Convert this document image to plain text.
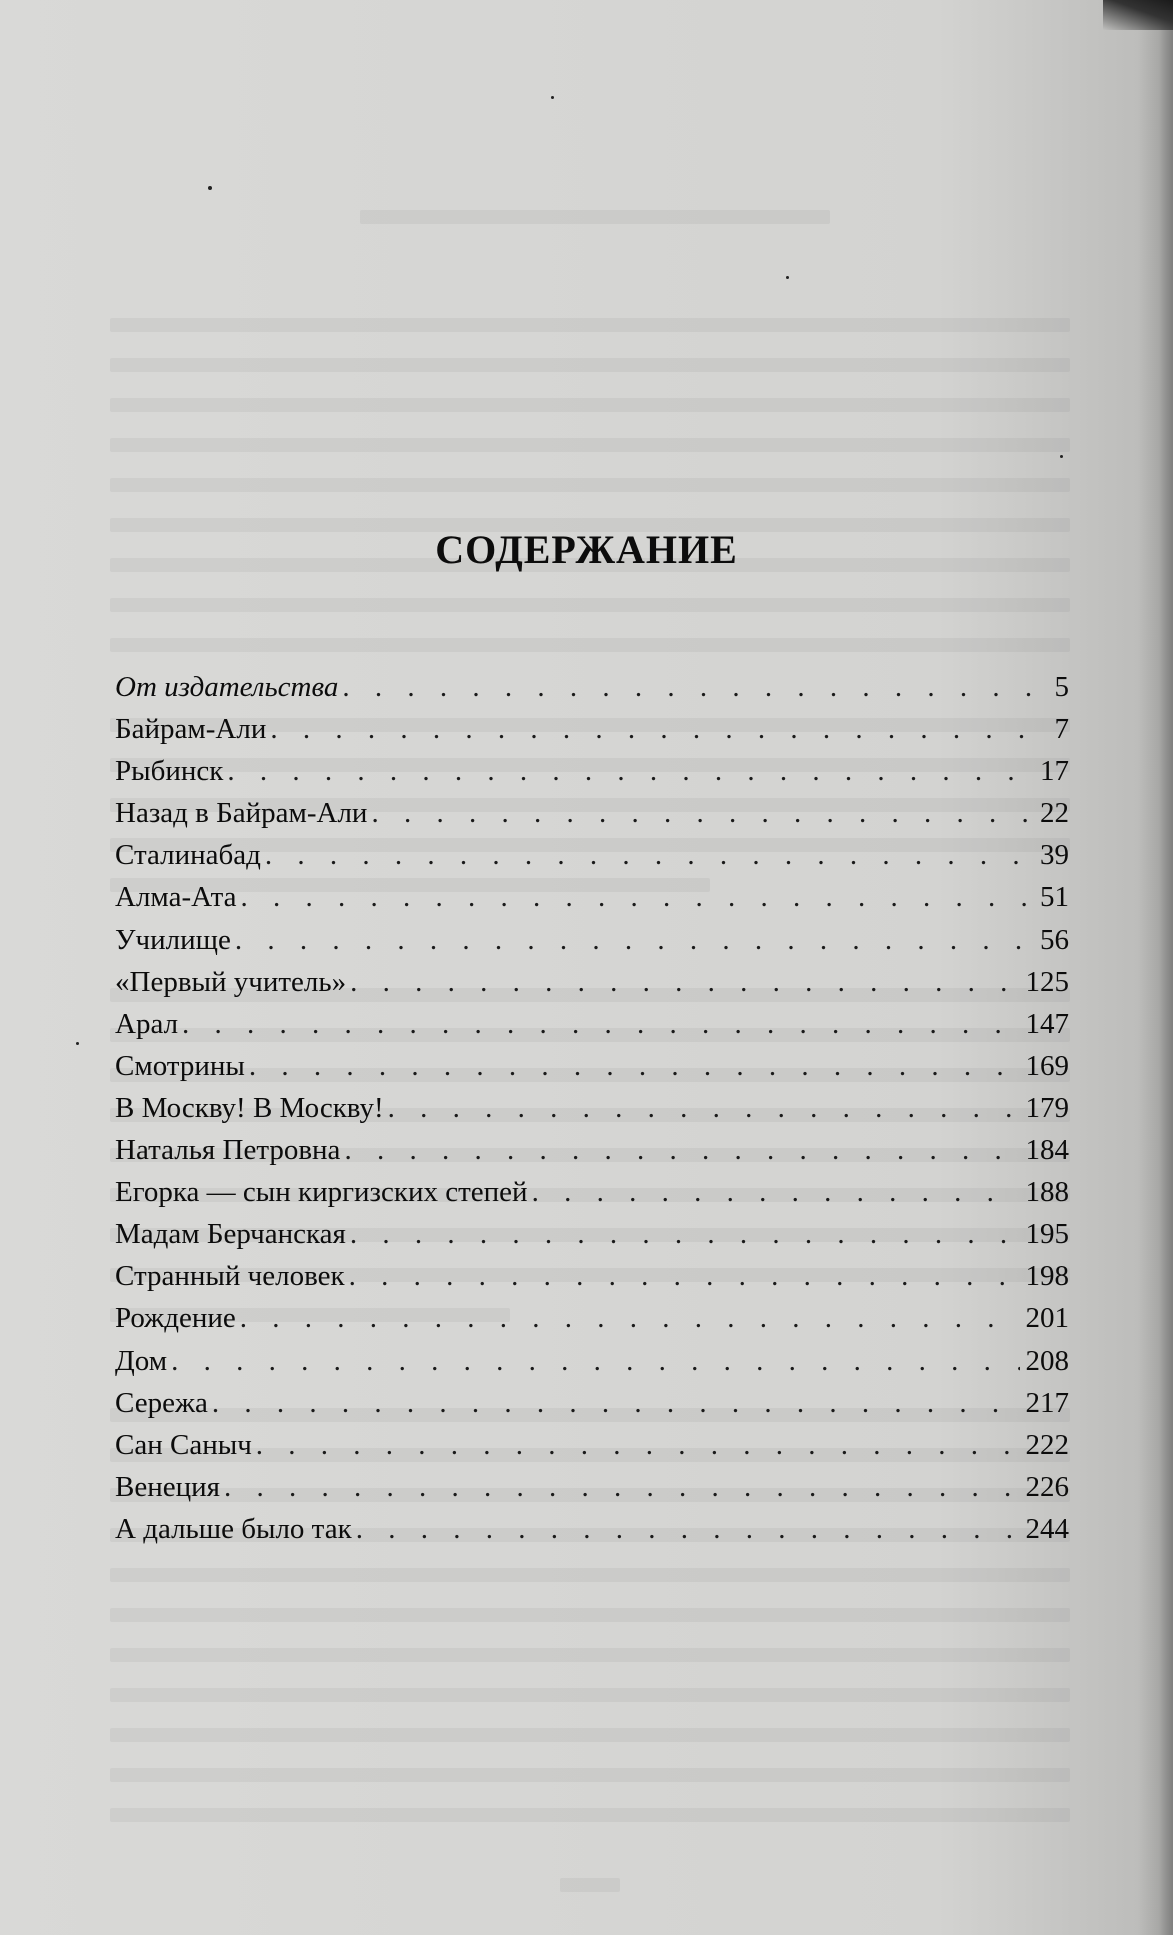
СОДЕРЖАНИЕ
От издательства . . .	5
Байрам-Али . . .	7
Рыбинск . . .	17
Назад в Байрам-Али . . .	22
Сталинабад . . .	39
Алма-Ата . . .	51
Училище . . .	56
«Первый учитель» . . .	125
Арал . . .	147
Смотрины . . .	169
В Москву! В Москву! . . .	179
Наталья Петровна . . .	184
Егорка — сын киргизских степей . . .	188
Мадам Берчанская . . .	195
Странный человек . . .	198
Рождение . . .	201
Дом . . .	208
Сережа . . .	217
Сан Саныч . . .	222
Венеция . . .	226
А дальше было так . . .	244
